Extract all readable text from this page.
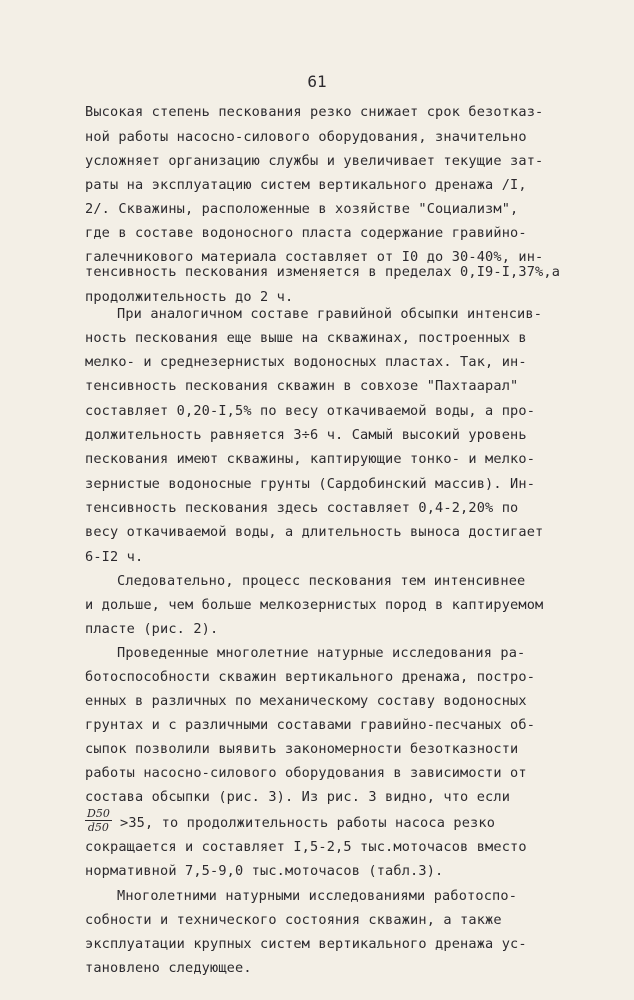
61
Высокая степень пескования резко снижает срок безотказ-
ной работы насосно-силового оборудования, значительно
усложняет организацию службы и увеличивает текущие зат-
раты на эксплуатацию систем вертикального дренажа /I,
2/. Скважины, расположенные в хозяйстве "Социализм",
где в составе водоносного пласта содержание гравийно-
галечникового материала составляет от I0 до 30-40%, ин-
тенсивность пескования изменяется в пределах 0,I9-I,37%,а
продолжительность до 2 ч.
При аналогичном составе гравийной обсыпки интенсив-
ность пескования еще выше на скважинах, построенных в
мелко- и среднезернистых водоносных пластах. Так, ин-
тенсивность пескования скважин в совхозе "Пахтаарал"
составляет 0,20-I,5% по весу откачиваемой воды, а про-
должительность равняется 3÷6 ч. Самый высокий уровень
пескования имеют скважины, каптирующие тонко- и мелко-
зернистые водоносные грунты (Сардобинский массив). Ин-
тенсивность пескования здесь составляет 0,4-2,20% по
весу откачиваемой воды, а длительность выноса достигает
6-I2 ч.
Следовательно, процесс пескования тем интенсивнее
и дольше, чем больше мелкозернистых пород в каптируемом
пласте (рис. 2).
Проведенные многолетние натурные исследования ра-
ботоспособности скважин вертикального дренажа, постро-
енных в различных по механическому составу водоносных
грунтах и с различными составами гравийно-песчаных об-
сыпок позволили выявить закономерности безотказности
работы насосно-силового оборудования в зависимости от
состава обсыпки (рис. 3). Из рис. 3 видно, что если
$\frac{D50}{d50} >35$, то продолжительность работы насоса резко
сокращается и составляет I,5-2,5 тыс.моточасов вместо
нормативной 7,5-9,0 тыс.моточасов (табл.3).
Многолетними натурными исследованиями работоспо-
собности и технического состояния скважин, а также
эксплуатации крупных систем вертикального дренажа ус-
тановлено следующее.
